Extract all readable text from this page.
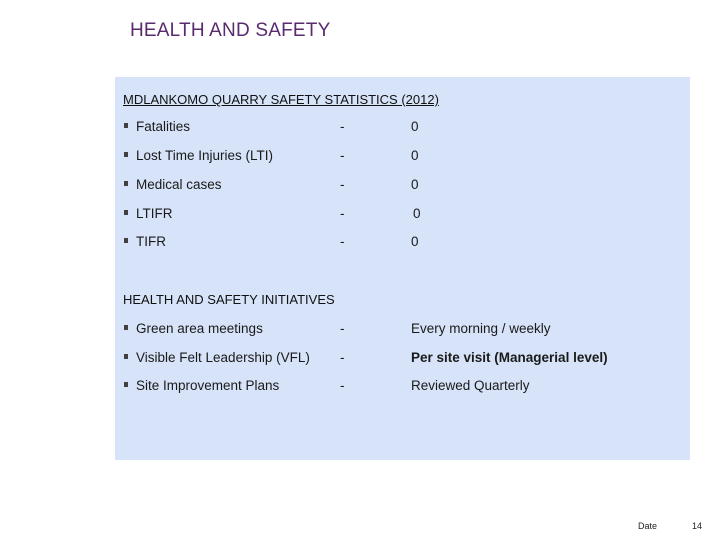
HEALTH AND SAFETY
MDLANKOMO QUARRY SAFETY STATISTICS (2012)
Fatalities	-	0
Lost Time Injuries (LTI)	-	0
Medical cases	-	0
LTIFR	-	0
TIFR	-	0
HEALTH AND SAFETY INITIATIVES
Green area meetings	-	Every morning / weekly
Visible Felt Leadership (VFL) -	Per site visit (Managerial level)
Site Improvement Plans	-	Reviewed Quarterly
Date	14
